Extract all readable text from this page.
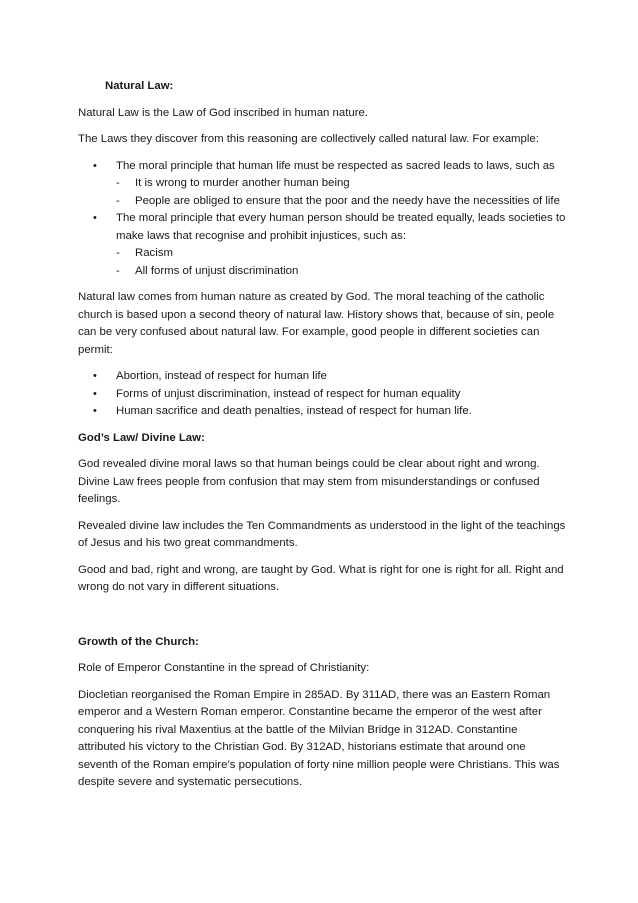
Natural Law:

Natural Law is the Law of God inscribed in human nature.

The Laws they discover from this reasoning are collectively called natural law. For example:

• The moral principle that human life must be respected as sacred leads to laws, such as
- It is wrong to murder another human being
- People are obliged to ensure that the poor and the needy have the necessities of life
• The moral principle that every human person should be treated equally, leads societies to make laws that recognise and prohibit injustices, such as:
- Racism
- All forms of unjust discrimination

Natural law comes from human nature as created by God. The moral teaching of the catholic church is based upon a second theory of natural law. History shows that, because of sin, peole can be very confused about natural law. For example, good people in different societies can permit:

• Abortion, instead of respect for human life
• Forms of unjust discrimination, instead of respect for human equality
• Human sacrifice and death penalties, instead of respect for human life.

God’s Law/ Divine Law:

God revealed divine moral laws so that human beings could be clear about right and wrong. Divine Law frees people from confusion that may stem from misunderstandings or confused feelings.

Revealed divine law includes the Ten Commandments as understood in the light of the teachings of Jesus and his two great commandments.

Good and bad, right and wrong, are taught by God. What is right for one is right for all. Right and wrong do not vary in different situations.

Growth of the Church:

Role of Emperor Constantine in the spread of Christianity:

Diocletian reorganised the Roman Empire in 285AD. By 311AD, there was an Eastern Roman emperor and a Western Roman emperor. Constantine became the emperor of the west after conquering his rival Maxentius at the battle of the Milvian Bridge in 312AD. Constantine attributed his victory to the Christian God. By 312AD, historians estimate that around one seventh of the Roman empire’s population of forty nine million people were Christians. This was despite severe and systematic persecutions.
